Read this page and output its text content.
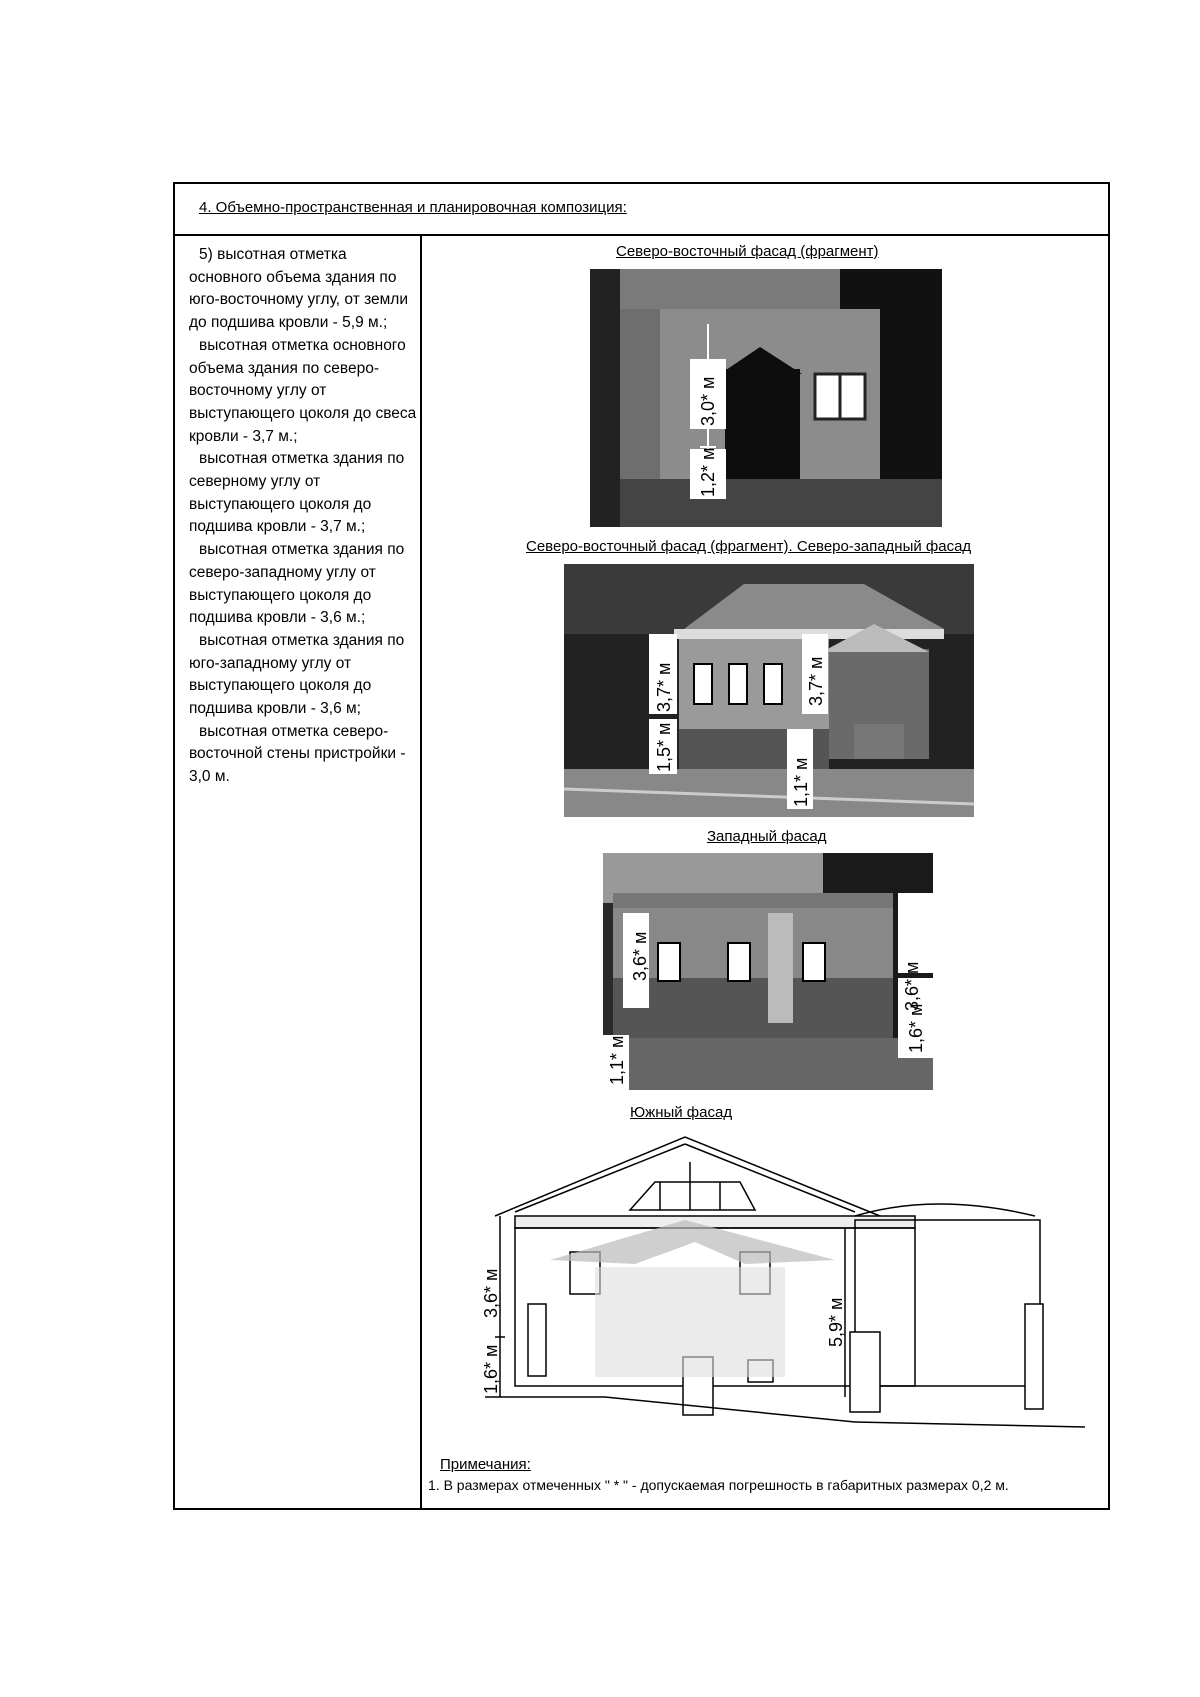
4. Объемно-пространственная и планировочная композиция:

5) высотная отметка основного объема здания по юго-восточному углу, от земли до подшива кровли - 5,9 м.;

высотная отметка основного объема здания по северо-восточному углу от выступающего цоколя до свеса кровли - 3,7 м.;

высотная отметка здания по северному углу от выступающего цоколя до подшива кровли - 3,7 м.;

высотная отметка здания по северо-западному углу от выступающего цоколя до подшива кровли - 3,6 м.;

высотная отметка здания по юго-западному углу от выступающего цоколя до подшива кровли - 3,6 м;

высотная отметка северо-восточной стены пристройки - 3,0 м.

Северо-восточный фасад (фрагмент)
3,0* м
1,2* м
Северо-восточный фасад (фрагмент). Северо-западный фасад
3,7* м
1,5* м
3,7* м
1,1* м
Западный фасад
3,6* м
1,1* м
3,6* м
1,6* м
Южный фасад
3,6* м
1,6* м
5,9* м
Примечания:
1. В размерах отмеченных " * " - допускаемая погрешность в габаритных размерах 0,2 м.
